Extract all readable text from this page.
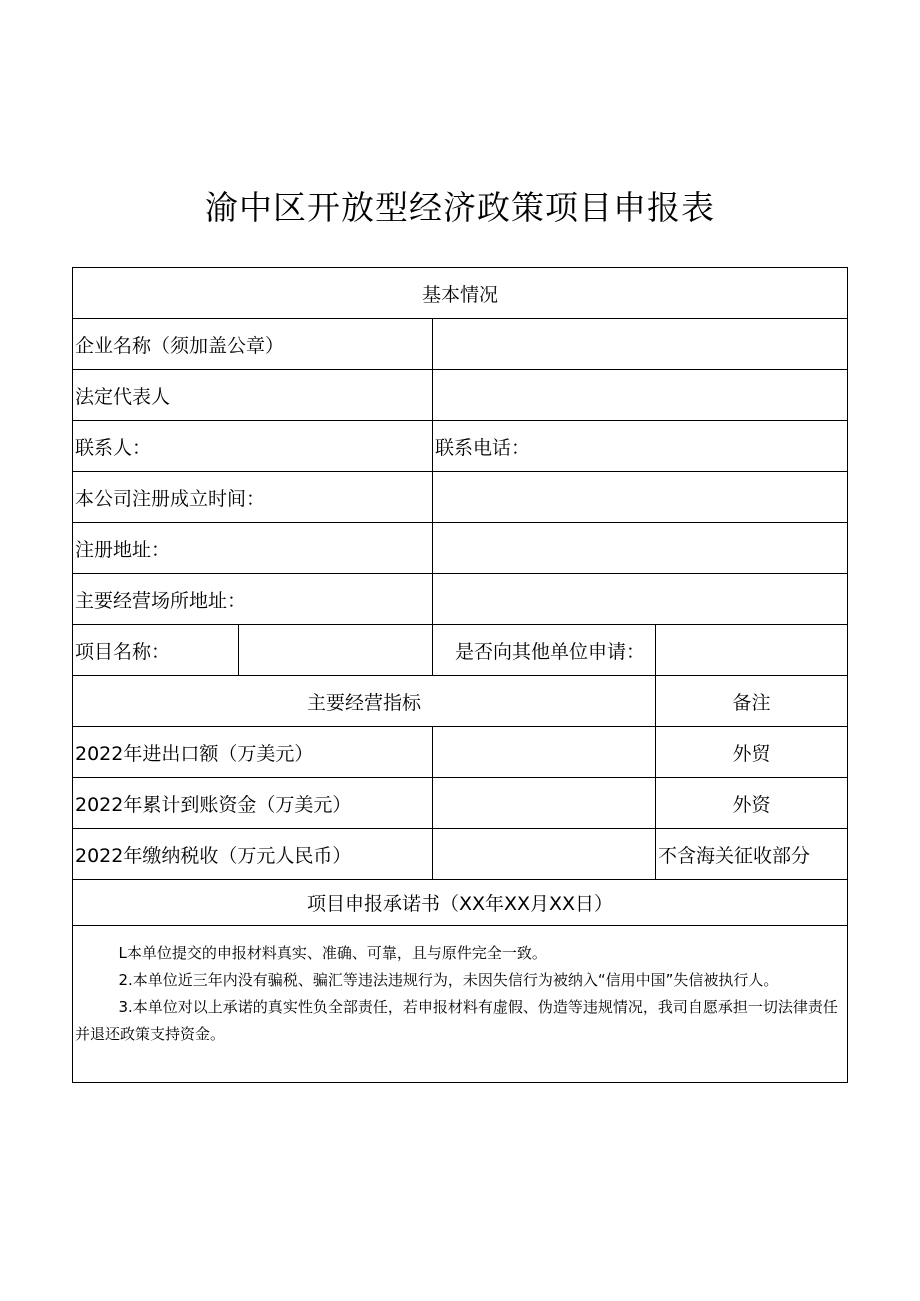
渝中区开放型经济政策项目申报表
基本情况			
企业名称（须加盖公章）			
法定代表人			
联系人：		联系电话：	
本公司注册成立时间：			
注册地址：			
主要经营场所地址：			
项目名称：		是否向其他单位申请：	
主要经营指标			备注
2022年进出口额（万美元）			外贸
2022年累计到账资金（万美元）			外资
2022年缴纳税收（万元人民币）			不含海关征收部分
项目申报承诺书（XX年XX月XX日）			

L本单位提交的申报材料真实、准确、可靠，且与原件完全一致。

2.本单位近三年内没有骗税、骗汇等违法违规行为，未因失信行为被纳入“信用中国”失信被执行人。

3.本单位对以上承诺的真实性负全部责任，若申报材料有虚假、伪造等违规情况，我司自愿承担一切法律责任并退还政策支持资金。			
